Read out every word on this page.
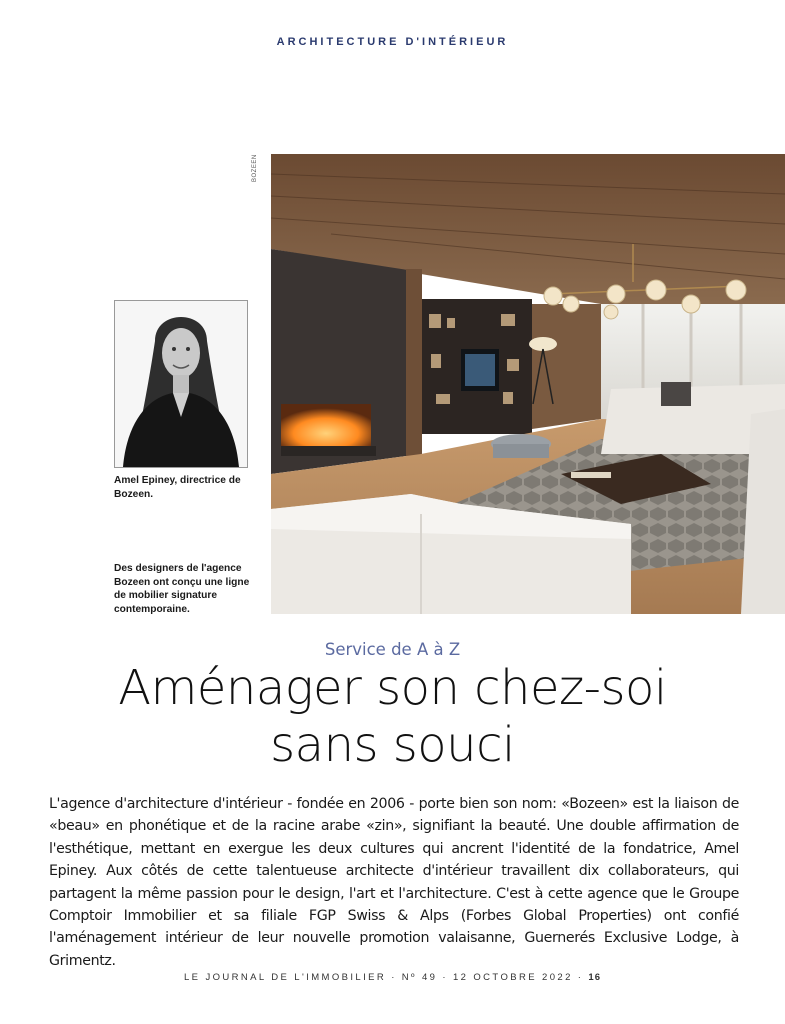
ARCHITECTURE D'INTÉRIEUR
BOZEEN
Amel Epiney, directrice de Bozeen.
Des designers de l'agence Bozeen ont conçu une ligne de mobilier signature contemporaine.
Service de A à Z
Aménager son chez-soi
sans souci
L'agence d'architecture d'intérieur - fondée en 2006 - porte bien son nom: «Bozeen» est la liaison de «beau» en phonétique et de la racine arabe «zin», signifiant la beauté. Une double affirmation de l'esthétique, mettant en exergue les deux cultures qui ancrent l'identité de la fondatrice, Amel Epiney. Aux côtés de cette talentueuse architecte d'intérieur travaillent dix collaborateurs, qui partagent la même passion pour le design, l'art et l'architecture. C'est à cette agence que le Groupe Comptoir Immobilier et sa filiale FGP Swiss & Alps (Forbes Global Properties) ont confié l'aménagement intérieur de leur nouvelle promotion valaisanne, Guernerés Exclusive Lodge, à Grimentz.
LE JOURNAL DE L'IMMOBILIER · Nº 49 · 12 OCTOBRE 2022 · 16
